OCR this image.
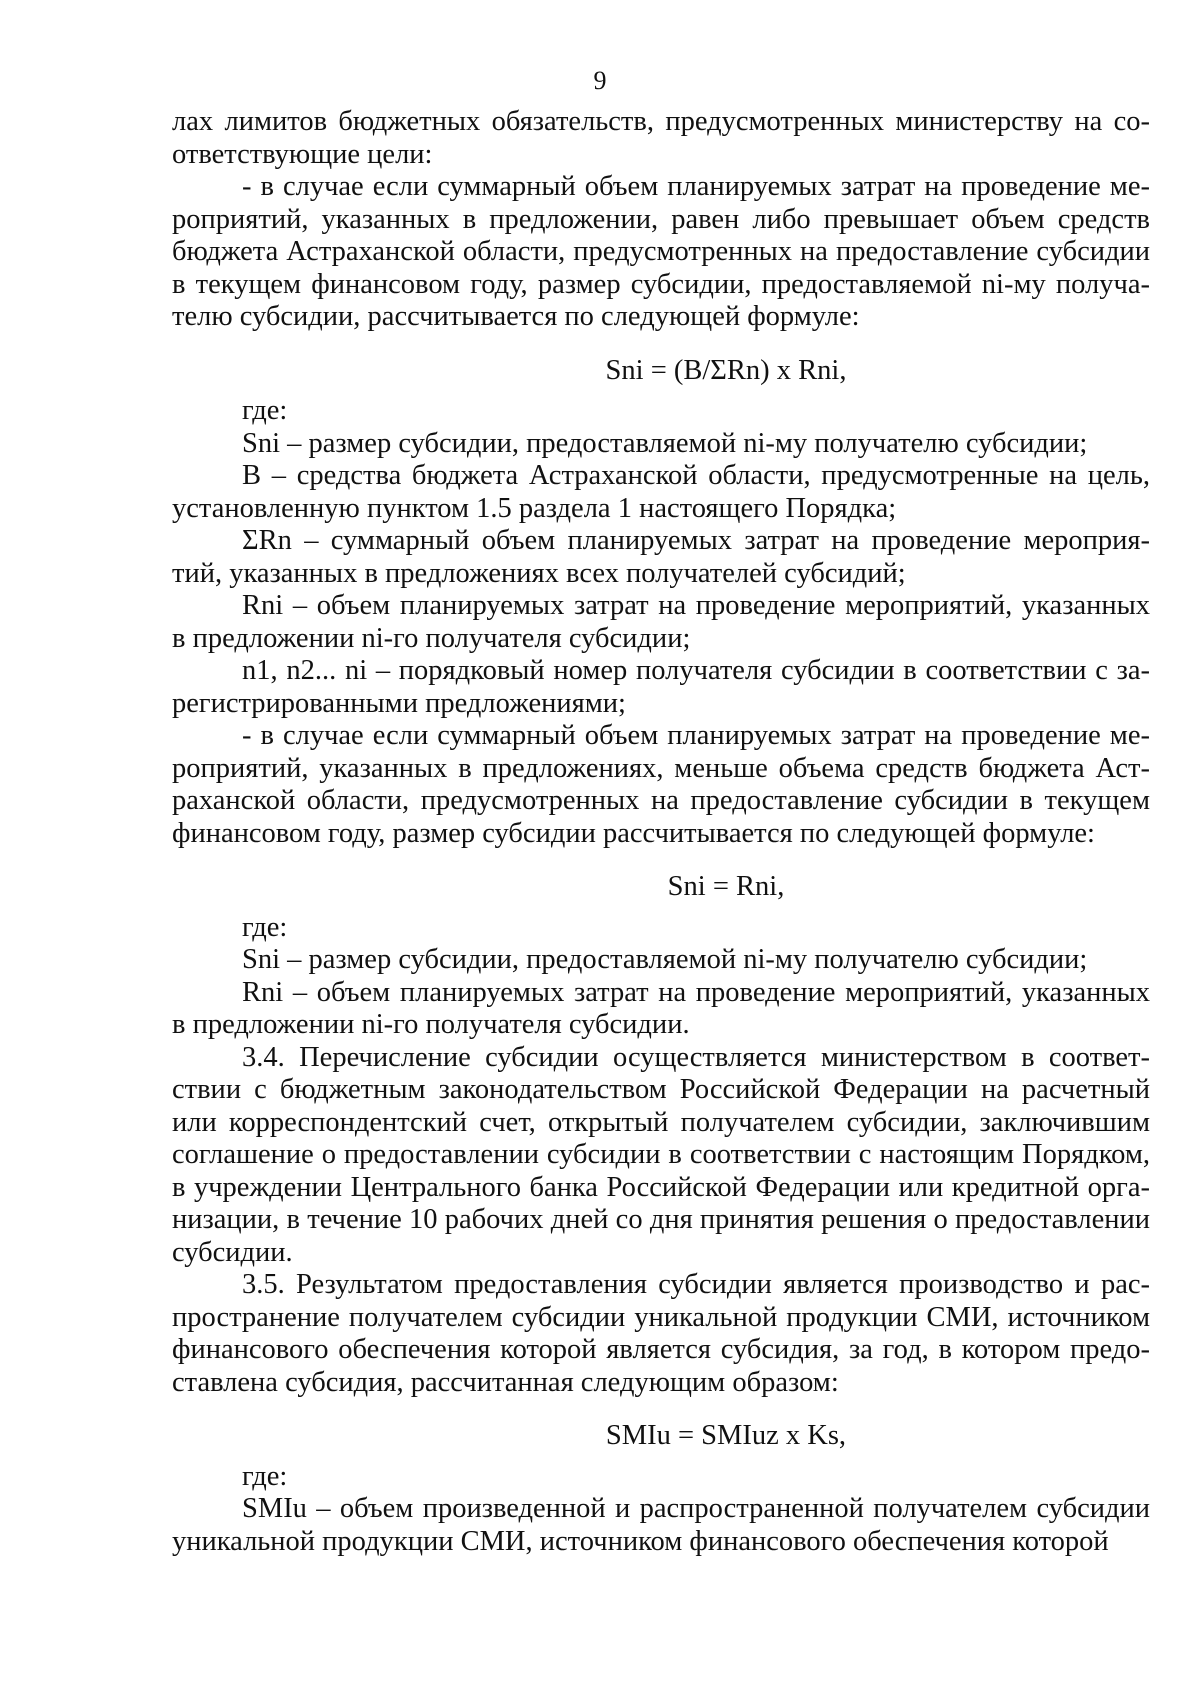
9

лах лимитов бюджетных обязательств, предусмотренных министерству на со-ответствующие цели:

- в случае если суммарный объем планируемых затрат на проведение ме-роприятий, указанных в предложении, равен либо превышает объем средств бюджета Астраханской области, предусмотренных на предоставление субсидии в текущем финансовом году, размер субсидии, предоставляемой ni-му получа-телю субсидии, рассчитывается по следующей формуле:

Sni = (B/ΣRn) x Rni,

где:

Sni – размер субсидии, предоставляемой ni-му получателю субсидии;

В – средства бюджета Астраханской области, предусмотренные на цель, установленную пунктом 1.5 раздела 1 настоящего Порядка;

ΣRn – суммарный объем планируемых затрат на проведение мероприя-тий, указанных в предложениях всех получателей субсидий;

Rni – объем планируемых затрат на проведение мероприятий, указанных в предложении ni-го получателя субсидии;

n1, n2... ni – порядковый номер получателя субсидии в соответствии с за-регистрированными предложениями;

- в случае если суммарный объем планируемых затрат на проведение ме-роприятий, указанных в предложениях, меньше объема средств бюджета Аст-раханской области, предусмотренных на предоставление субсидии в текущем финансовом году, размер субсидии рассчитывается по следующей формуле:

Sni = Rni,

где:

Sni – размер субсидии, предоставляемой ni-му получателю субсидии;

Rni – объем планируемых затрат на проведение мероприятий, указанных в предложении ni-го получателя субсидии.

3.4. Перечисление субсидии осуществляется министерством в соответ-ствии с бюджетным законодательством Российской Федерации на расчетный или корреспондентский счет, открытый получателем субсидии, заключившим соглашение о предоставлении субсидии в соответствии с настоящим Порядком, в учреждении Центрального банка Российской Федерации или кредитной орга-низации, в течение 10 рабочих дней со дня принятия решения о предоставлении субсидии.

3.5. Результатом предоставления субсидии является производство и рас-пространение получателем субсидии уникальной продукции СМИ, источником финансового обеспечения которой является субсидия, за год, в котором предо-ставлена субсидия, рассчитанная следующим образом:

SMIu = SMIuz x Ks,

где:

SMIu – объем произведенной и распространенной получателем субсидии уникальной продукции СМИ, источником финансового обеспечения которой
